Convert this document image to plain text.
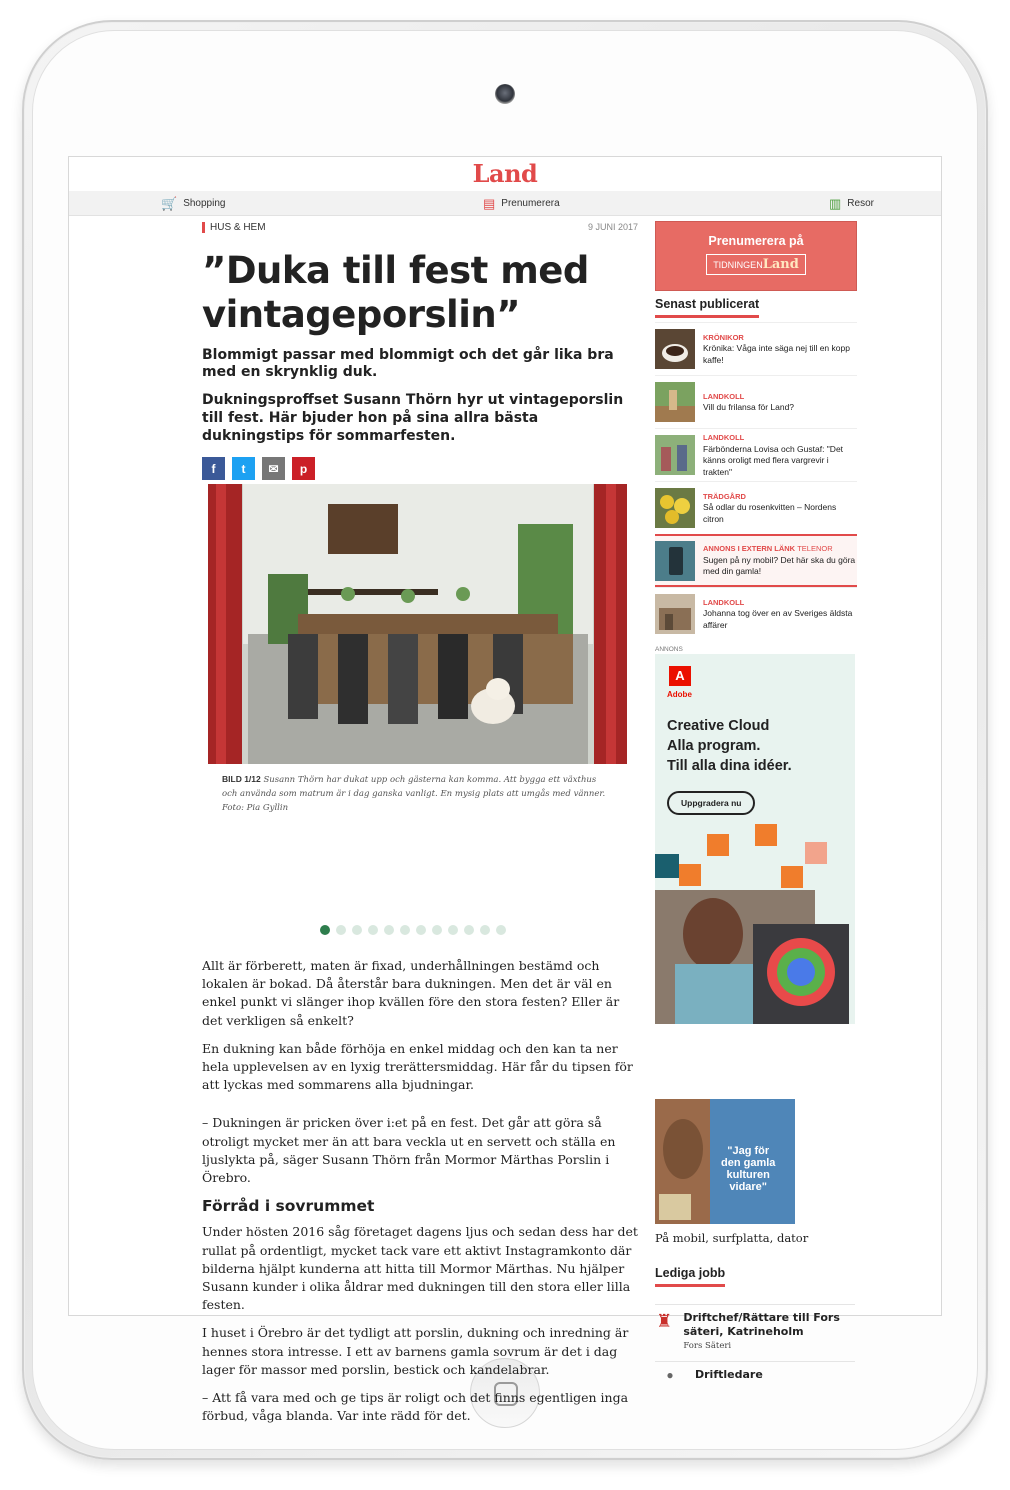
Land
🛒 Shopping	▤ Prenumerera	▥ Resor
HUS & HEM	9 JUNI 2017
”Duka till fest med vintageporslin”

Blommigt passar med blommigt och det går lika bra med en skrynklig duk.

Dukningsproffset Susann Thörn hyr ut vintageporslin till fest. Här bjuder hon på sina allra bästa dukningstips för sommarfesten.

f t ✉ p

BILD 1/12 Susann Thörn har dukat upp och gästerna kan komma. Att bygga ett växthus och använda som matrum är i dag ganska vanligt. En mysig plats att umgås med vänner. Foto: Pia Gyllin

Allt är förberett, maten är fixad, underhållningen bestämd och lokalen är bokad. Då återstår bara dukningen. Men det är väl en enkel punkt vi slänger ihop kvällen före den stora festen? Eller är det verkligen så enkelt?

En dukning kan både förhöja en enkel middag och den kan ta ner hela upplevelsen av en lyxig trerättersmiddag. Här får du tipsen för att lyckas med sommarens alla bjudningar.

– Dukningen är pricken över i:et på en fest. Det går att göra så otroligt mycket mer än att bara veckla ut en servett och ställa en ljuslykta på, säger Susann Thörn från Mormor Märthas Porslin i Örebro.

Förråd i sovrummet

Under hösten 2016 såg företaget dagens ljus och sedan dess har det rullat på ordentligt, mycket tack vare ett aktivt Instagramkonto där bilderna hjälpt kunderna att hitta till Mormor Märthas. Nu hjälper Susann kunder i olika åldrar med dukningen till den stora eller lilla festen.

I huset i Örebro är det tydligt att porslin, dukning och inredning är hennes stora intresse. I ett av barnens gamla sovrum är det i dag lager för massor med porslin, bestick och kandelabrar.

– Att få vara med och ge tips är roligt och det finns egentligen inga förbud, våga blanda. Var inte rädd för det.

Prenumerera på
TIDNINGENLand
Senast publicerat
KRÖNIKOR
Krönika: Våga inte säga nej till en kopp kaffe!
LANDKOLL
Vill du frilansa för Land?
LANDKOLL
Färbönderna Lovisa och Gustaf: "Det känns oroligt med flera vargrevir i trakten"
TRÄDGÅRD
Så odlar du rosenkvitten – Nordens citron
ANNONS I EXTERN LÄNK TELENOR
Sugen på ny mobil? Det här ska du göra med din gamla!
LANDKOLL
Johanna tog över en av Sveriges äldsta affärer
ANNONS
A
Adobe
Creative Cloud
Alla program.
Till alla dina idéer.
Uppgradera nu
"Jag för
den gamla
kulturen
vidare"
På mobil, surfplatta, dator
Lediga jobb
♜ Driftchef/Rättare till Fors säteri, Katrineholm
Fors Säteri
●	Driftledare
